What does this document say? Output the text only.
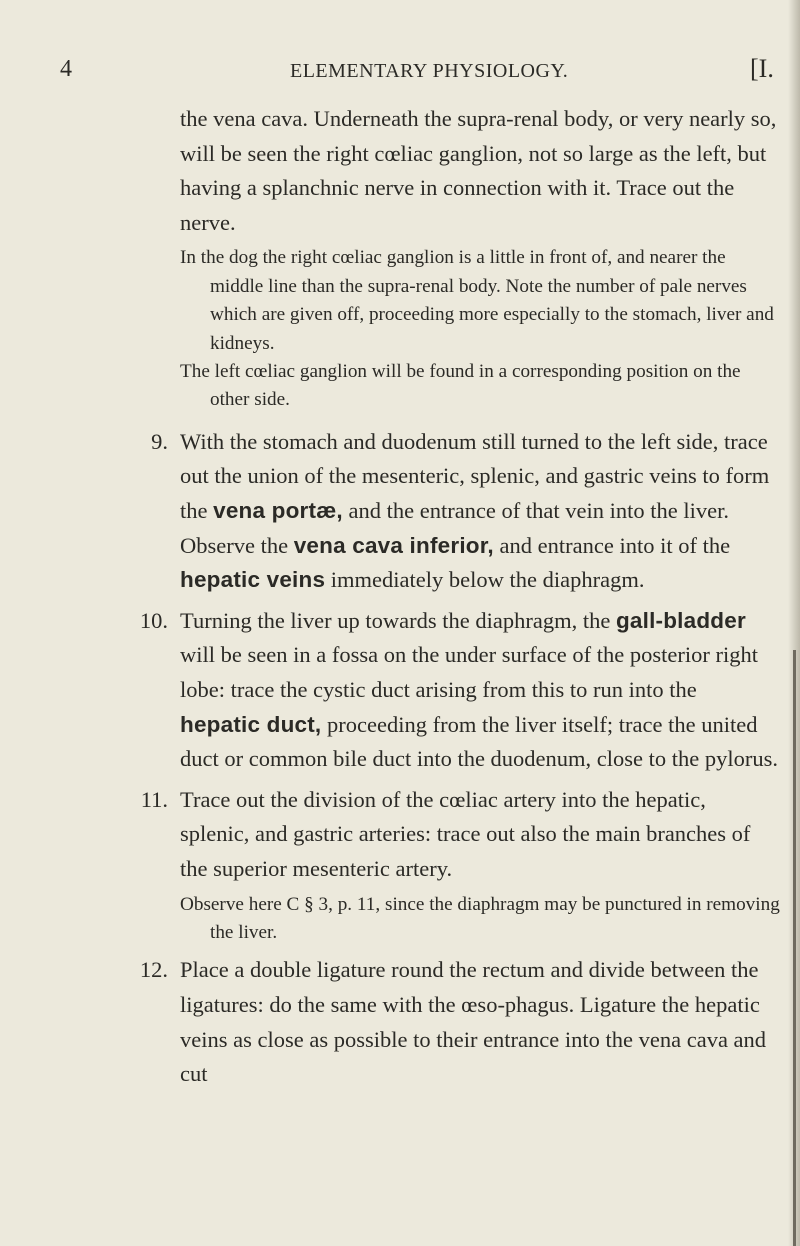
4	ELEMENTARY PHYSIOLOGY.	[I.

the vena cava. Underneath the supra-renal body, or very nearly so, will be seen the right cœliac ganglion, not so large as the left, but having a splanchnic nerve in connection with it. Trace out the nerve.

In the dog the right cœliac ganglion is a little in front of, and nearer the middle line than the supra-renal body. Note the number of pale nerves which are given off, proceeding more especially to the stomach, liver and kidneys.

The left cœliac ganglion will be found in a corresponding position on the other side.

9. With the stomach and duodenum still turned to the left side, trace out the union of the mesenteric, splenic, and gastric veins to form the vena portæ, and the entrance of that vein into the liver. Observe the vena cava inferior, and entrance into it of the hepatic veins immediately below the diaphragm.

10. Turning the liver up towards the diaphragm, the gall-bladder will be seen in a fossa on the under surface of the posterior right lobe: trace the cystic duct arising from this to run into the hepatic duct, proceeding from the liver itself; trace the united duct or common bile duct into the duodenum, close to the pylorus.

11. Trace out the division of the cœliac artery into the hepatic, splenic, and gastric arteries: trace out also the main branches of the superior mesenteric artery.

Observe here C § 3, p. 11, since the diaphragm may be punctured in removing the liver.

12. Place a double ligature round the rectum and divide between the ligatures: do the same with the œso-phagus. Ligature the hepatic veins as close as possible to their entrance into the vena cava and cut
